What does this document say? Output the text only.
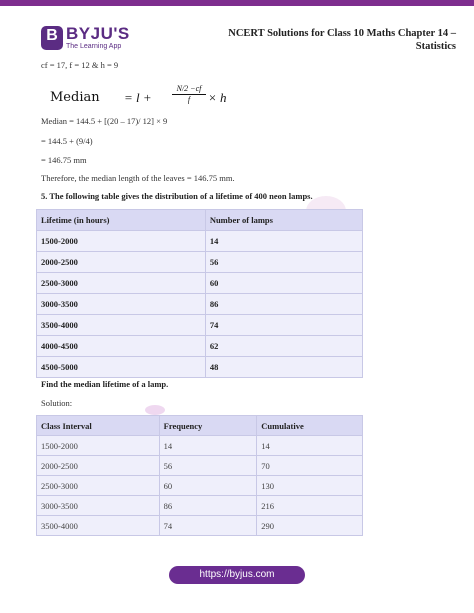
B BYJU'S
The Learning App
NCERT Solutions for Class 10 Maths Chapter 14 –
Statistics
cf = 17, f = 12 & h = 9
Median = l +	$\frac{N/2 -cf}{f} \times h$
Median = 144.5 + [(20 – 17)/ 12] × 9
= 144.5 + (9/4)
= 146.75 mm
Therefore, the median length of the leaves = 146.75 mm.
5. The following table gives the distribution of a lifetime of 400 neon lamps.
Lifetime (in hours)	Number of lamps
1500-2000	14
2000-2500	56
2500-3000	60
3000-3500	86
3500-4000	74
4000-4500	62
4500-5000	48
Find the median lifetime of a lamp.
Solution:
Class Interval	Frequency	Cumulative
1500-2000	14	14
2000-2500	56	70
2500-3000	60	130
3000-3500	86	216
3500-4000	74	290
https://byjus.com
